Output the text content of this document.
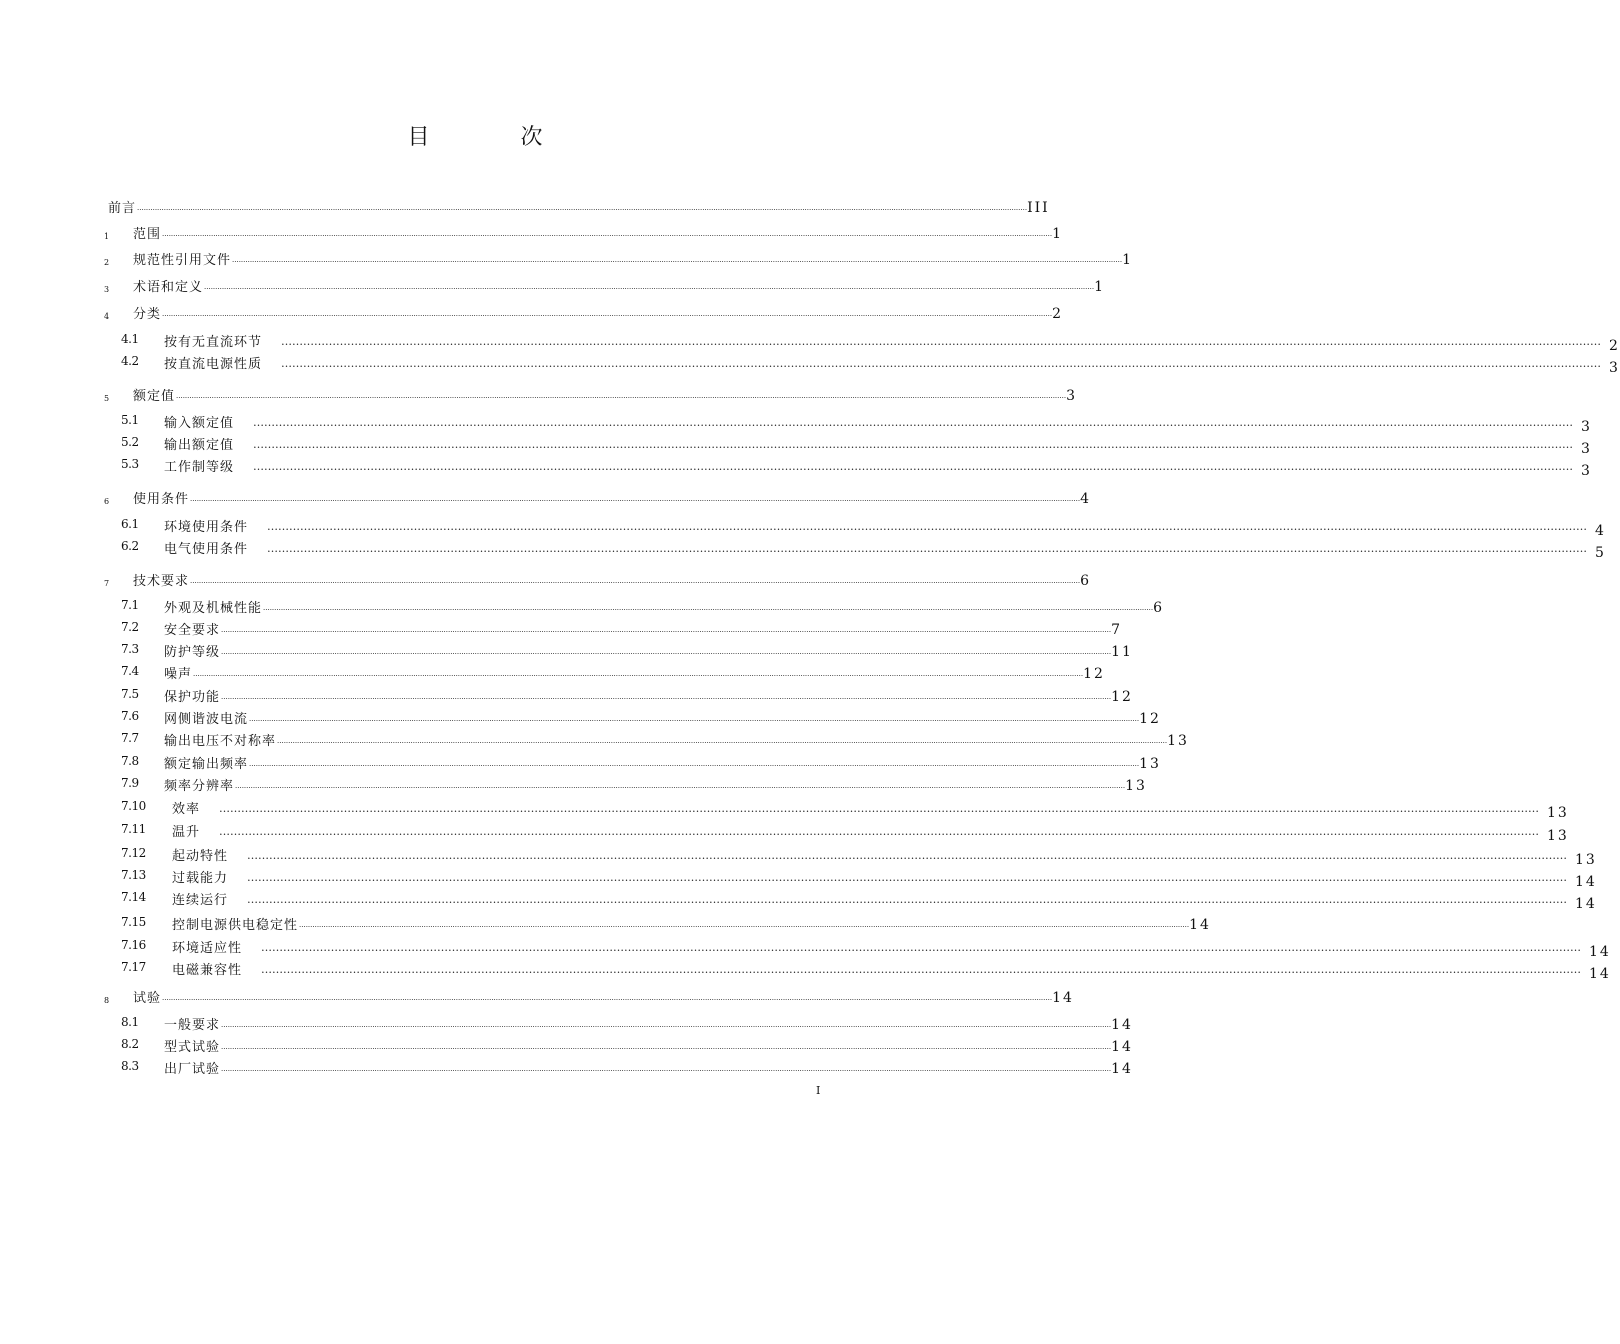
目 次
前言 ................................................................................................................................................................................................................................................................................................................................................................................................................ III
1 范围 ................................................................................................................................................................................................................................................................................................................................................................................................................ 1
2 规范性引用文件 ................................................................................................................................................................................................................................................................................................................................................................................................................ 1
3 术语和定义 ................................................................................................................................................................................................................................................................................................................................................................................................................ 1
4 分类 ................................................................................................................................................................................................................................................................................................................................................................................................................ 2
4.1 按有无直流环节 ……………………………………………………………………………………………………………………………………………………………………………………………………………………………………………………………………………………………………………………………… 2
4.2 按直流电源性质 ……………………………………………………………………………………………………………………………………………………………………………………………………………………………………………………………………………………………………………………………… 3
5 额定值 ................................................................................................................................................................................................................................................................................................................................................................................................................ 3
5.1 输入额定值 ……………………………………………………………………………………………………………………………………………………………………………………………………………………………………………………………………………………………………………………………… 3
5.2 输出额定值 ……………………………………………………………………………………………………………………………………………………………………………………………………………………………………………………………………………………………………………………………… 3
5.3 工作制等级 ……………………………………………………………………………………………………………………………………………………………………………………………………………………………………………………………………………………………………………………………… 3
6 使用条件 ................................................................................................................................................................................................................................................................................................................................................................................................................ 4
6.1 环境使用条件 ……………………………………………………………………………………………………………………………………………………………………………………………………………………………………………………………………………………………………………………………… 4
6.2 电气使用条件 ……………………………………………………………………………………………………………………………………………………………………………………………………………………………………………………………………………………………………………………………… 5
7 技术要求 ................................................................................................................................................................................................................................................................................................................................................................................................................ 6
7.1 外观及机械性能 ................................................................................................................................................................................................................................................................................................................................................................................................................ 6
7.2 安全要求 ................................................................................................................................................................................................................................................................................................................................................................................................................ 7
7.3 防护等级 ................................................................................................................................................................................................................................................................................................................................................................................................................ 11
7.4 噪声 ................................................................................................................................................................................................................................................................................................................................................................................................................ 12
7.5 保护功能 ................................................................................................................................................................................................................................................................................................................................................................................................................ 12
7.6 网侧谐波电流 ................................................................................................................................................................................................................................................................................................................................................................................................................ 12
7.7 输出电压不对称率 ................................................................................................................................................................................................................................................................................................................................................................................................................ 13
7.8 额定输出频率 ................................................................................................................................................................................................................................................................................................................................................................................................................ 13
7.9 频率分辨率 ................................................................................................................................................................................................................................................................................................................................................................................................................ 13
7.10 效率 ……………………………………………………………………………………………………………………………………………………………………………………………………………………………………………………………………………………………………………………………… 13
7.11 温升 ……………………………………………………………………………………………………………………………………………………………………………………………………………………………………………………………………………………………………………………………… 13
7.12 起动特性 ……………………………………………………………………………………………………………………………………………………………………………………………………………………………………………………………………………………………………………………………… 13
7.13 过载能力 ……………………………………………………………………………………………………………………………………………………………………………………………………………………………………………………………………………………………………………………………… 14
7.14 连续运行 ……………………………………………………………………………………………………………………………………………………………………………………………………………………………………………………………………………………………………………………………… 14
7.15 控制电源供电稳定性 ................................................................................................................................................................................................................................................................................................................................................................................................................ 14
7.16 环境适应性 ……………………………………………………………………………………………………………………………………………………………………………………………………………………………………………………………………………………………………………………………… 14
7.17 电磁兼容性 ……………………………………………………………………………………………………………………………………………………………………………………………………………………………………………………………………………………………………………………………… 14
8 试验 ................................................................................................................................................................................................................................................................................................................................................................................................................ 14
8.1 一般要求 ................................................................................................................................................................................................................................................................................................................................................................................................................ 14
8.2 型式试验 ................................................................................................................................................................................................................................................................................................................................................................................................................ 14
8.3 出厂试验 ................................................................................................................................................................................................................................................................................................................................................................................................................ 14
I
